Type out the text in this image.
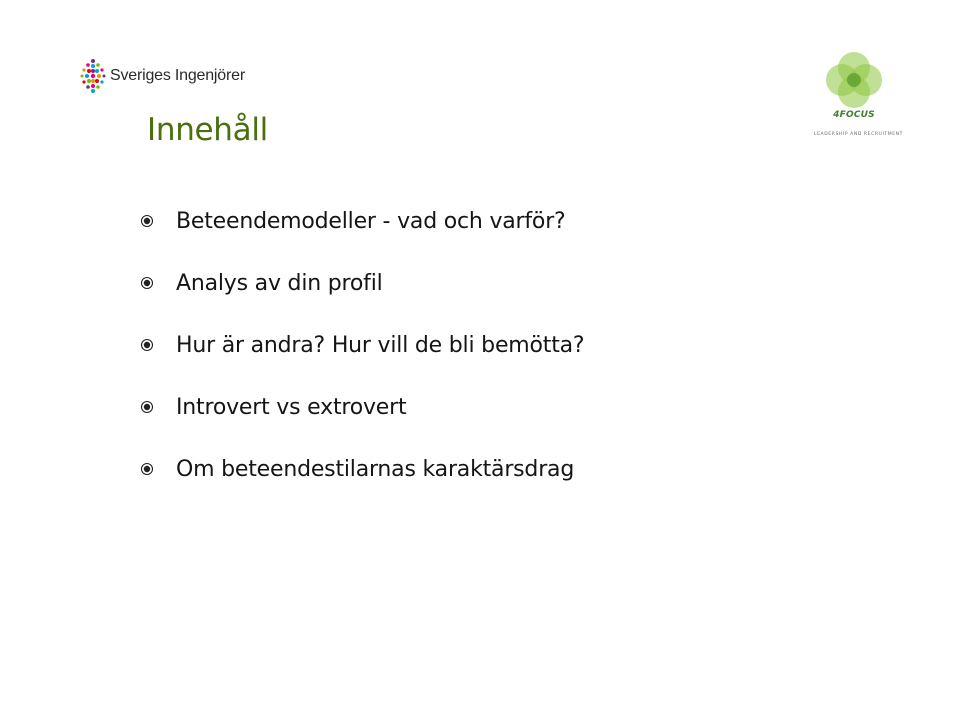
Sveriges Ingenjörer
4FOCUS
LEADERSHIP AND RECRUITMENT
Innehåll
Beteendemodeller - vad och varför?
Analys av din profil
Hur är andra? Hur vill de bli bemötta?
Introvert vs extrovert
Om beteendestilarnas karaktärsdrag
